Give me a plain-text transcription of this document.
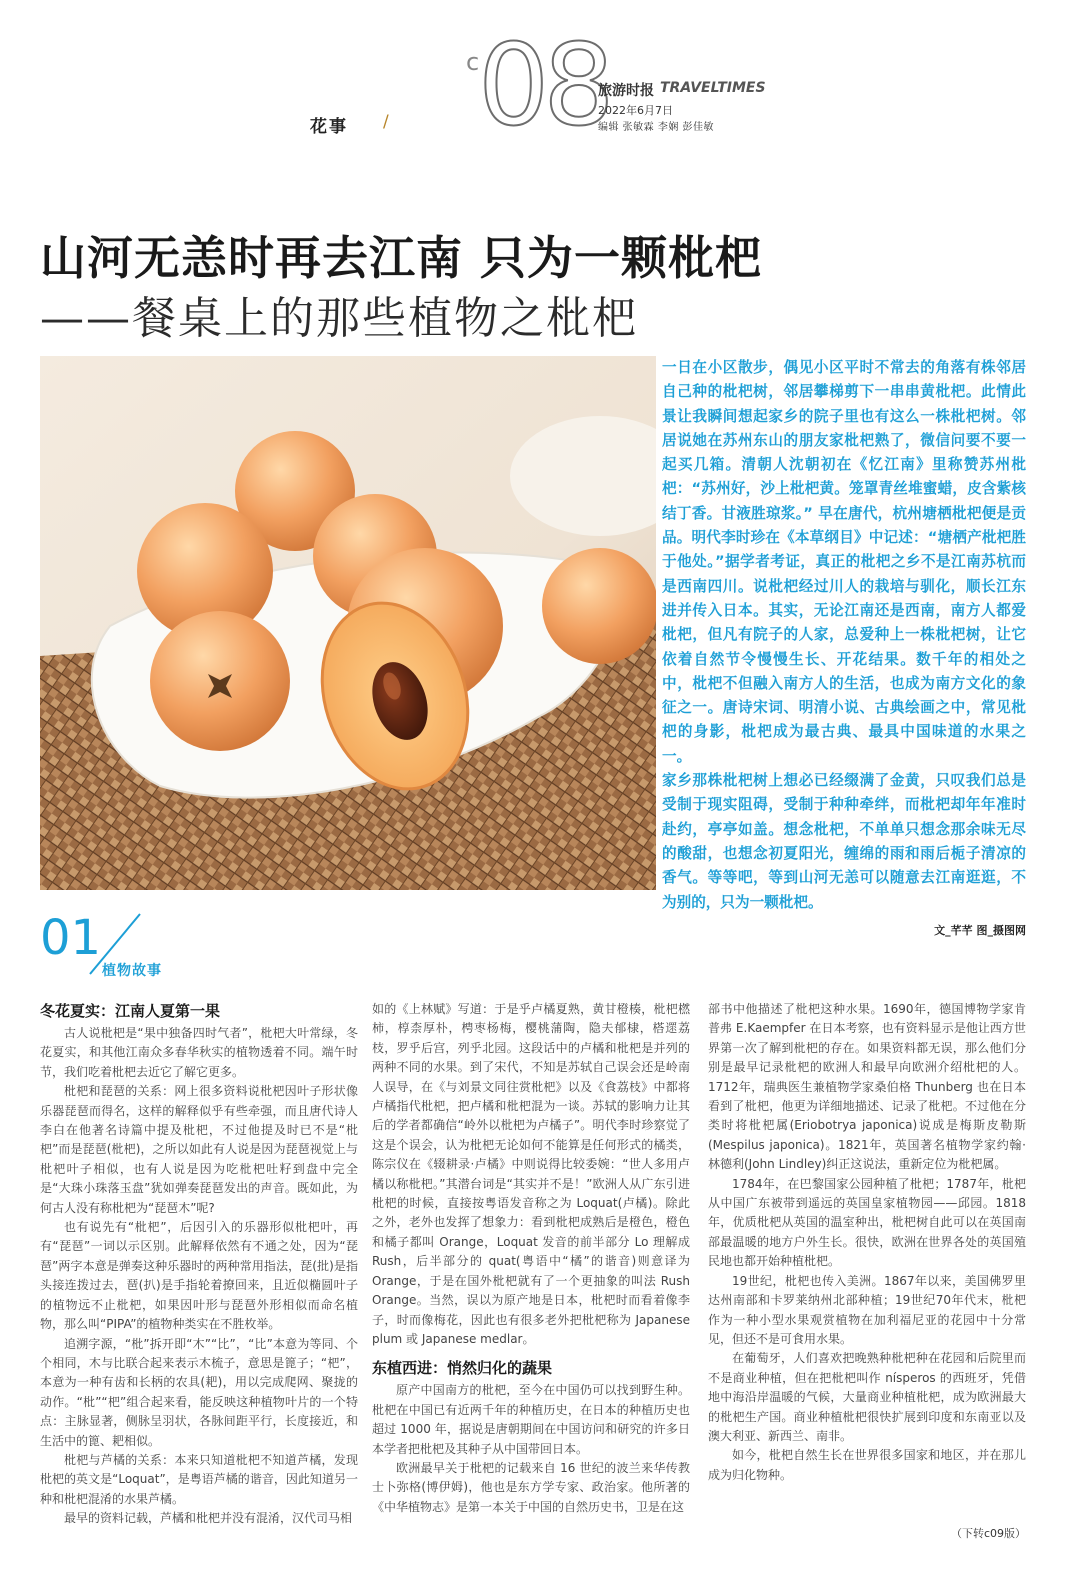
花事 /
c
08
旅游时报 TRAVELTIMES
2022年6月7日
编辑 张敏霖 李娴 彭佳敏
山河无恙时再去江南 只为一颗枇杷
——餐桌上的那些植物之枇杷

一日在小区散步，偶见小区平时不常去的角落有株邻居自己种的枇杷树，邻居攀梯剪下一串串黄枇杷。此情此景让我瞬间想起家乡的院子里也有这么一株枇杷树。邻居说她在苏州东山的朋友家枇杷熟了，微信问要不要一起买几箱。清朝人沈朝初在《忆江南》里称赞苏州枇杷：“苏州好，沙上枇杷黄。笼罩青丝堆蜜蜡，皮含紫核结丁香。甘液胜琼浆。” 早在唐代，杭州塘栖枇杷便是贡品。明代李时珍在《本草纲目》中记述：“塘栖产枇杷胜于他处。”据学者考证，真正的枇杷之乡不是江南苏杭而是西南四川。说枇杷经过川人的栽培与驯化，顺长江东进并传入日本。其实，无论江南还是西南，南方人都爱枇杷，但凡有院子的人家，总爱种上一株枇杷树，让它依着自然节令慢慢生长、开花结果。数千年的相处之中，枇杷不但融入南方人的生活，也成为南方文化的象征之一。唐诗宋词、明清小说、古典绘画之中，常见枇杷的身影，枇杷成为最古典、最具中国味道的水果之一。

家乡那株枇杷树上想必已经缀满了金黄，只叹我们总是受制于现实阻碍，受制于种种牵绊，而枇杷却年年准时赴约，亭亭如盖。想念枇杷，不单单只想念那余味无尽的酸甜，也想念初夏阳光，缠绵的雨和雨后栀子清凉的香气。等等吧，等到山河无恙可以随意去江南逛逛，不为别的，只为一颗枇杷。

文_芊芊 图_摄图网
01
植物故事
冬花夏实：江南人夏第一果

古人说枇杷是“果中独备四时气者”，枇杷大叶常绿，冬花夏实，和其他江南众多春华秋实的植物透着不同。端午时节，我们吃着枇杷去近它了解它更多。

枇杷和琵琶的关系：网上很多资料说枇杷因叶子形状像乐器琵琶而得名，这样的解释似乎有些牵强，而且唐代诗人李白在他著名诗篇中提及枇杷，不过他提及时已不是“枇杷”而是琵琶(枇杷)，之所以如此有人说是因为琵琶视觉上与枇杷叶子相似，也有人说是因为吃枇杷吐籽到盘中完全是“大珠小珠落玉盘”犹如弹奏琵琶发出的声音。既如此，为何古人没有称枇杷为“琵琶木”呢?

也有说先有“枇杷”，后因引入的乐器形似枇杷叶，再有“琵琶”一词以示区别。此解释依然有不通之处，因为“琵琶”两字本意是弹奏这种乐器时的两种常用指法，琵(批)是指头接连拨过去，琶(扒)是手指轮着撩回来，且近似椭圆叶子的植物远不止枇杷，如果因叶形与琵琶外形相似而命名植物，那么叫“PIPA”的植物种类实在不胜枚举。

追溯字源，“枇”拆开即“木”“比”，“比”本意为等同、个个相同，木与比联合起来表示木梳子，意思是篦子；“杷”，本意为一种有齿和长柄的农具(耙)，用以完成爬网、聚拢的动作。“枇”“杷”组合起来看，能反映这种植物叶片的一个特点：主脉显著，侧脉呈羽状，各脉间距平行，长度接近，和生活中的篦、耙相似。

枇杷与芦橘的关系：本来只知道枇杷不知道芦橘，发现枇杷的英文是“Loquat”，是粤语芦橘的谐音，因此知道另一种和枇杷混淆的水果芦橘。

最早的资料记载，芦橘和枇杷并没有混淆，汉代司马相

如的《上林赋》写道：于是乎卢橘夏熟，黄甘橙楱，枇杷橪柿，椁柰厚朴，梬枣杨梅，樱桃蒲陶，隐夫郁棣，榙遝荔枝，罗乎后宫，列乎北园。这段话中的卢橘和枇杷是并列的两种不同的水果。到了宋代，不知是苏轼自己误会还是岭南人误导，在《与刘景文同往赏枇杷》以及《食荔枝》中都将卢橘指代枇杷，把卢橘和枇杷混为一谈。苏轼的影响力让其后的学者都确信“岭外以枇杷为卢橘子”。明代李时珍察觉了这是个误会，认为枇杷无论如何不能算是任何形式的橘类，陈宗仪在《辍耕录·卢橘》中则说得比较委婉：“世人多用卢橘以称枇杷。”其潜台词是“其实并不是！”欧洲人从广东引进枇杷的时候，直接按粤语发音称之为 Loquat(卢橘)。除此之外，老外也发挥了想象力：看到枇杷成熟后是橙色，橙色和橘子都叫 Orange，Loquat 发音的前半部分 Lo 理解成 Rush，后半部分的 quat(粤语中“橘”的谐音)则意译为 Orange，于是在国外枇杷就有了一个更抽象的叫法 Rush Orange。当然，误以为原产地是日本，枇杷时而看着像李子，时而像梅花，因此也有很多老外把枇杷称为 Japanese plum 或 Japanese medlar。

东植西进：悄然归化的蔬果

原产中国南方的枇杷，至今在中国仍可以找到野生种。枇杷在中国已有近两千年的种植历史，在日本的种植历史也超过 1000 年，据说是唐朝期间在中国访问和研究的许多日本学者把枇杷及其种子从中国带回日本。

欧洲最早关于枇杷的记载来自 16 世纪的波兰来华传教士卜弥格(博伊姆)，他也是东方学专家、政治家。他所著的《中华植物志》是第一本关于中国的自然历史书，卫是在这

部书中他描述了枇杷这种水果。1690年，德国博物学家肯普弗 E.Kaempfer 在日本考察，也有资料显示是他让西方世界第一次了解到枇杷的存在。如果资料都无误，那么他们分别是最早记录枇杷的欧洲人和最早向欧洲介绍枇杷的人。1712年，瑞典医生兼植物学家桑伯格 Thunberg 也在日本看到了枇杷，他更为详细地描述、记录了枇杷。不过他在分类时将枇杷属(Eriobotrya japonica)说成是梅斯皮勒斯(Mespilus japonica)。1821年，英国著名植物学家约翰·林德利(John Lindley)纠正这说法，重新定位为枇杷属。

1784年，在巴黎国家公园种植了枇杷；1787年，枇杷从中国广东被带到遥远的英国皇家植物园——邱园。1818年，优质枇杷从英国的温室种出，枇杷树自此可以在英国南部最温暖的地方户外生长。很快，欧洲在世界各处的英国殖民地也都开始种植枇杷。

19世纪，枇杷也传入美洲。1867年以来，美国佛罗里达州南部和卡罗莱纳州北部种植；19世纪70年代末，枇杷作为一种小型水果观赏植物在加利福尼亚的花园中十分常见，但还不是可食用水果。

在葡萄牙，人们喜欢把晚熟种枇杷种在花园和后院里而不是商业种植，但在把枇杷叫作 nísperos 的西班牙，凭借地中海沿岸温暖的气候，大量商业种植枇杷，成为欧洲最大的枇杷生产国。商业种植枇杷很快扩展到印度和东南亚以及澳大利亚、新西兰、南非。

如今，枇杷自然生长在世界很多国家和地区，并在那儿成为归化物种。

（下转c09版）
